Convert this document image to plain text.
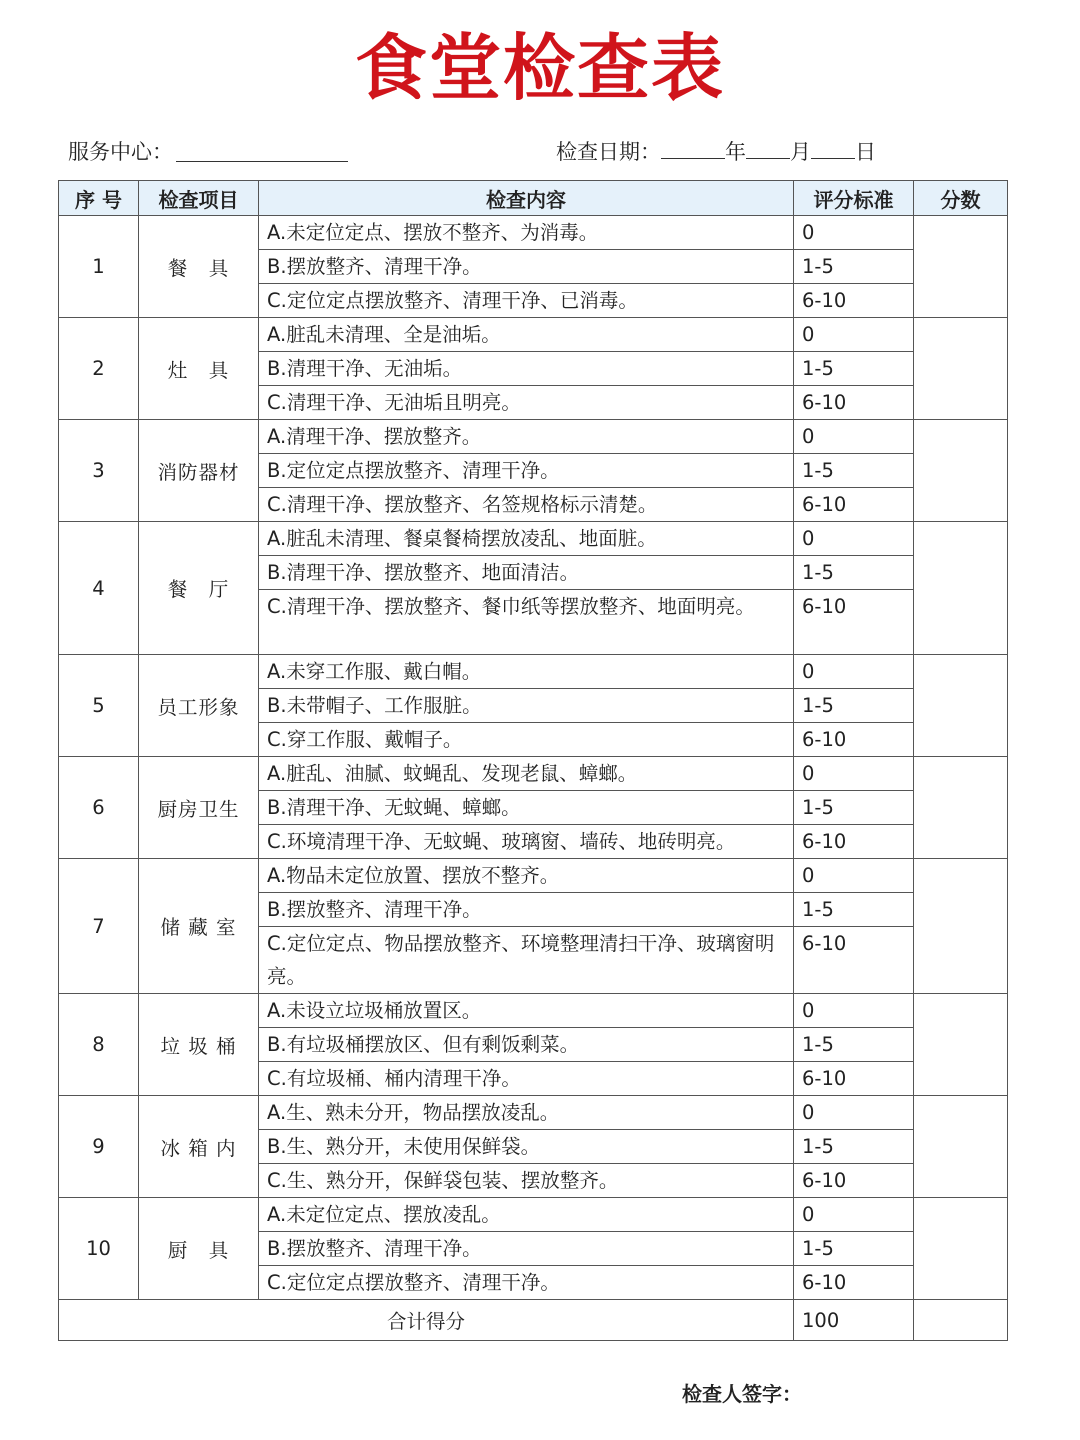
食堂检查表
服务中心：	检查日期：	年 月 日
序 号	检查项目	检查内容	评分标准	分数
1	餐　具	A.未定位定点、摆放不整齐、为消毒。	0	
		B.摆放整齐、清理干净。	1-5	
		C.定位定点摆放整齐、清理干净、已消毒。	6-10	
2	灶　具	A.脏乱未清理、全是油垢。	0	
		B.清理干净、无油垢。	1-5	
		C.清理干净、无油垢且明亮。	6-10	
3	消防器材	A.清理干净、摆放整齐。	0	
		B.定位定点摆放整齐、清理干净。	1-5	
		C.清理干净、摆放整齐、名签规格标示清楚。	6-10	
4	餐　厅	A.脏乱未清理、餐桌餐椅摆放凌乱、地面脏。	0	
		B.清理干净、摆放整齐、地面清洁。	1-5	
		C.清理干净、摆放整齐、餐巾纸等摆放整齐、地面明亮。	6-10	
5	员工形象	A.未穿工作服、戴白帽。	0	
		B.未带帽子、工作服脏。	1-5	
		C.穿工作服、戴帽子。	6-10	
6	厨房卫生	A.脏乱、油腻、蚊蝇乱、发现老鼠、蟑螂。	0	
		B.清理干净、无蚊蝇、蟑螂。	1-5	
		C.环境清理干净、无蚊蝇、玻璃窗、墙砖、地砖明亮。	6-10	
7	储 藏 室	A.物品未定位放置、摆放不整齐。	0	
		B.摆放整齐、清理干净。	1-5	
		C.定位定点、物品摆放整齐、环境整理清扫干净、玻璃窗明亮。	6-10	
8	垃 圾 桶	A.未设立垃圾桶放置区。	0	
		B.有垃圾桶摆放区、但有剩饭剩菜。	1-5	
		C.有垃圾桶、桶内清理干净。	6-10	
9	冰 箱 内	A.生、熟未分开，物品摆放凌乱。	0	
		B.生、熟分开，未使用保鲜袋。	1-5	
		C.生、熟分开，保鲜袋包装、摆放整齐。	6-10	
10	厨　具	A.未定位定点、摆放凌乱。	0	
		B.摆放整齐、清理干净。	1-5	
		C.定位定点摆放整齐、清理干净。	6-10	
合计得分			100	
检查人签字：
